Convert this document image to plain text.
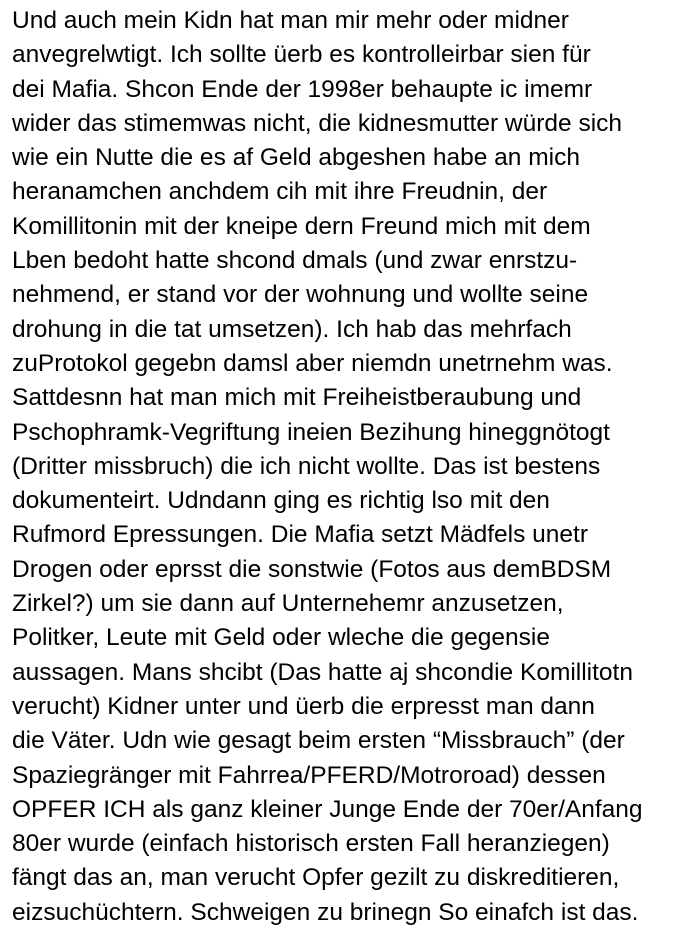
Und auch mein Kidn hat man mir mehr oder midner
anvegrelwtigt. Ich sollte üerb es kontrolleirbar sien für
dei Mafia. Shcon Ende der 1998er behaupte ic imemr
wider das stimemwas nicht, die kidnesmutter würde sich
wie ein Nutte die es af Geld abgeshen habe an mich
heranamchen anchdem cih mit ihre Freudnin, der
Komillitonin mit der kneipe dern Freund mich mit dem
Lben bedoht hatte shcond dmals (und zwar enrstzu-
nehmend, er stand vor der wohnung und wollte seine
drohung in die tat umsetzen). Ich hab das mehrfach
zuProtokol gegebn damsl aber niemdn unetrnehm was.
Sattdesnn hat man mich mit Freiheistberaubung und
Pschophramk-Vegriftung ineien Bezihung hineggnötogt
(Dritter missbruch) die ich nicht wollte. Das ist bestens
dokumenteirt. Udndann ging es richtig lso mit den
Rufmord Epressungen. Die Mafia setzt Mädfels unetr
Drogen oder eprsst die sonstwie (Fotos aus demBDSM
Zirkel?) um sie dann auf Unternehemr anzusetzen,
Politker, Leute mit Geld oder wleche die gegensie
aussagen. Mans shcibt (Das hatte aj shcondie Komillitotn
verucht) Kidner unter und üerb die erpresst man dann
die Väter. Udn wie gesagt beim ersten “Missbrauch” (der
Spaziegränger mit Fahrrea/PFERD/Motroroad) dessen
OPFER ICH als ganz kleiner Junge Ende der 70er/Anfang
80er wurde (einfach historisch ersten Fall heranziegen)
fängt das an, man verucht Opfer gezilt zu diskreditieren,
eizsuchüchtern. Schweigen zu brinegn So einafch ist das.
